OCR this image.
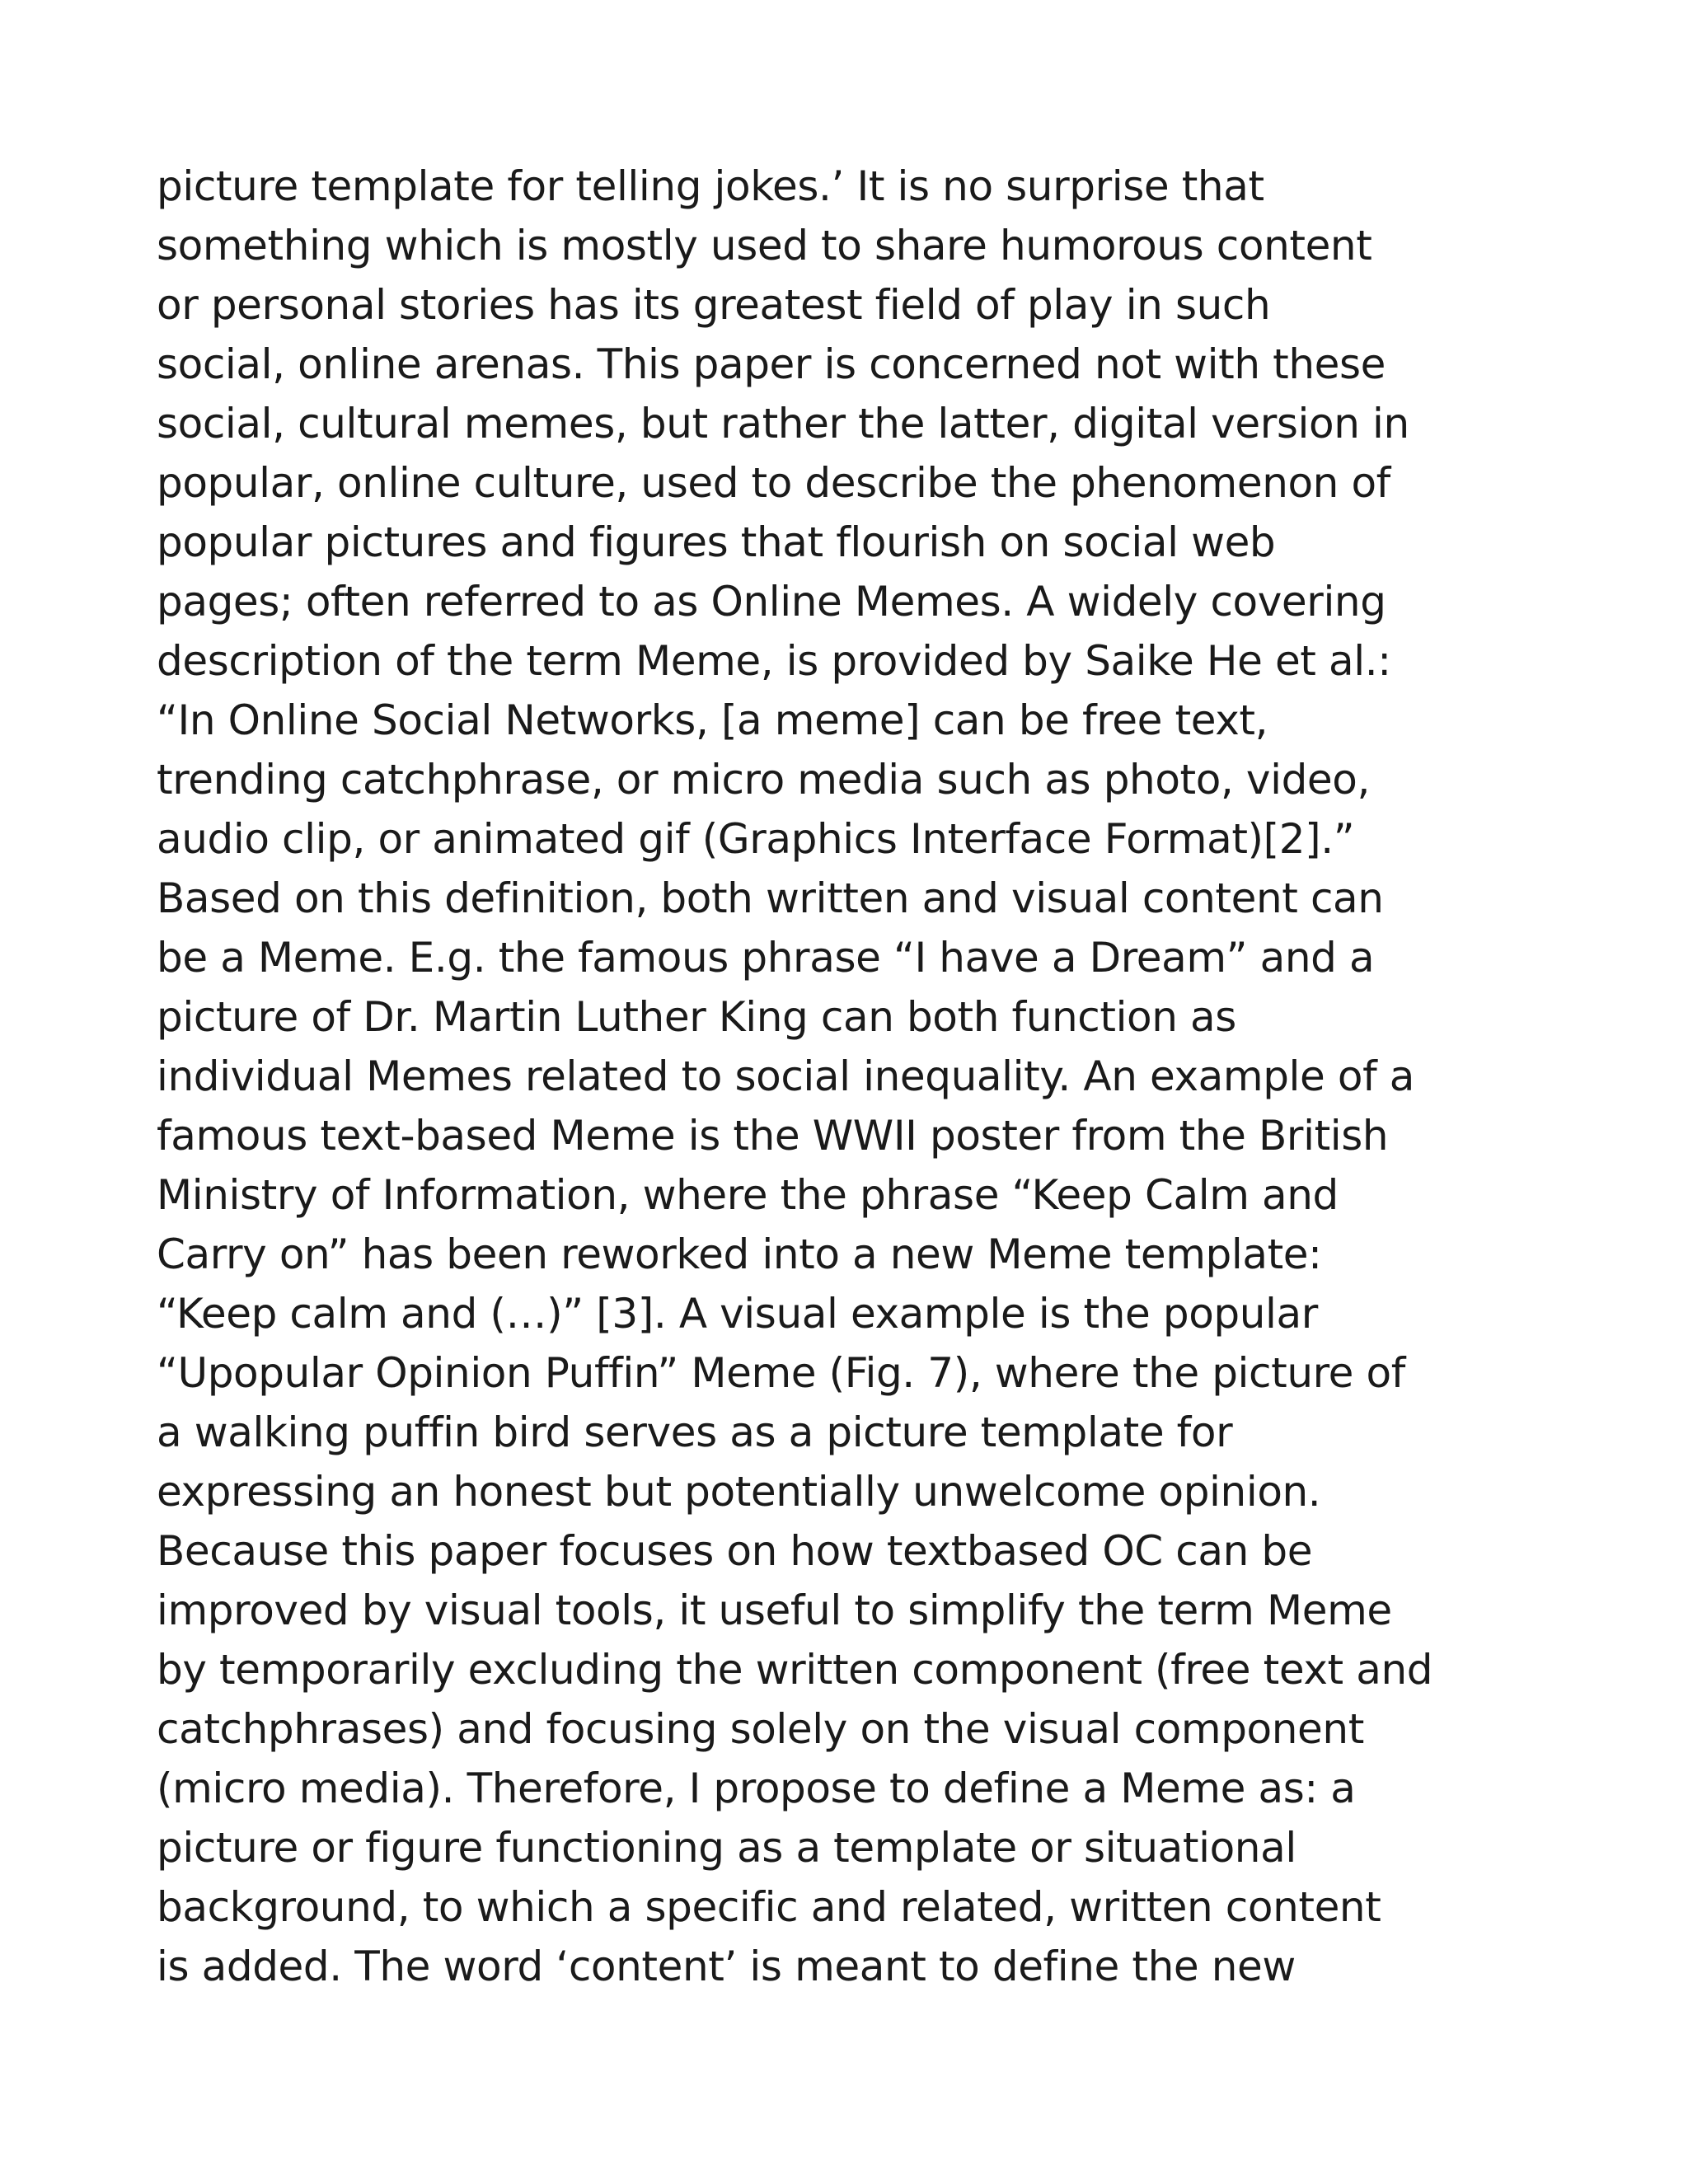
picture template for telling jokes.’ It is no surprise that
something which is mostly used to share humorous content
or personal stories has its greatest field of play in such
social, online arenas. This paper is concerned not with these
social, cultural memes, but rather the latter, digital version in
popular, online culture, used to describe the phenomenon of
popular pictures and figures that flourish on social web
pages; often referred to as Online Memes. A widely covering
description of the term Meme, is provided by Saike He et al.:
“In Online Social Networks, [a meme] can be free text,
trending catchphrase, or micro media such as photo, video,
audio clip, or animated gif (Graphics Interface Format)[2].”
Based on this definition, both written and visual content can
be a Meme. E.g. the famous phrase “I have a Dream” and a
picture of Dr. Martin Luther King can both function as
individual Memes related to social inequality. An example of a
famous text-based Meme is the WWII poster from the British
Ministry of Information, where the phrase “Keep Calm and
Carry on” has been reworked into a new Meme template:
“Keep calm and (…)” [3]. A visual example is the popular
“Upopular Opinion Puffin” Meme (Fig. 7), where the picture of
a walking puffin bird serves as a picture template for
expressing an honest but potentially unwelcome opinion.
Because this paper focuses on how textbased OC can be
improved by visual tools, it useful to simplify the term Meme
by temporarily excluding the written component (free text and
catchphrases) and focusing solely on the visual component
(micro media). Therefore, I propose to define a Meme as: a
picture or figure functioning as a template or situational
background, to which a specific and related, written content
is added. The word ‘content’ is meant to define the new
